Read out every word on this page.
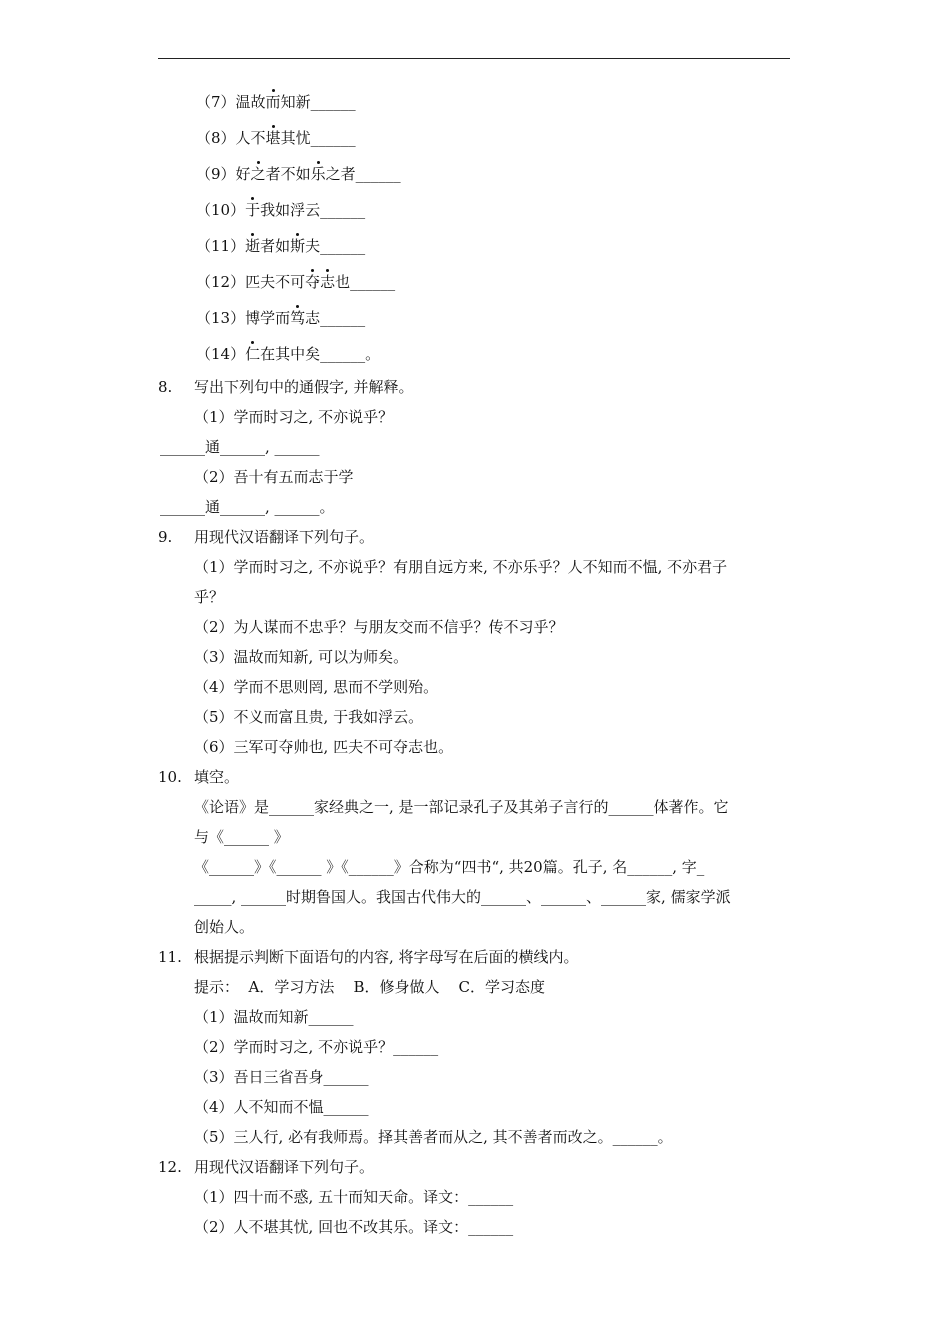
（7）温故而知新______
（8）人不堪其忧______
（9）好之者不如乐之者______
（10）于我如浮云______
（11）逝者如斯夫______
（12）匹夫不可夺志也______
（13）博学而笃志______
（14）仁在其中矣______。
8.	写出下列句中的通假字, 并解释。
（1）学而时习之, 不亦说乎？
______通______, ______
（2）吾十有五而志于学
______通______, ______。
9.	用现代汉语翻译下列句子。
（1）学而时习之, 不亦说乎？有朋自远方来, 不亦乐乎？人不知而不愠, 不亦君子
乎？
（2）为人谋而不忠乎？与朋友交而不信乎？传不习乎？
（3）温故而知新, 可以为师矣。
（4）学而不思则罔, 思而不学则殆。
（5）不义而富且贵, 于我如浮云。
（6）三军可夺帅也, 匹夫不可夺志也。
10. 填空。
《论语》是______家经典之一, 是一部记录孔子及其弟子言行的______体著作。它
与《______ 》
《______》《______ 》《______》合称为“四书“, 共20篇。孔子, 名______, 字_
_____, ______时期鲁国人。我国古代伟大的______、______、______家, 儒家学派
创始人。
11. 根据提示判断下面语句的内容, 将字母写在后面的横线内。
提示：  A．学习方法    B．修身做人    C．学习态度
（1）温故而知新______
（2）学而时习之, 不亦说乎？______
（3）吾日三省吾身______
（4）人不知而不愠______
（5）三人行, 必有我师焉。择其善者而从之, 其不善者而改之。______。
12. 用现代汉语翻译下列句子。
（1）四十而不惑, 五十而知天命。译文：______
（2）人不堪其忧, 回也不改其乐。译文：______
